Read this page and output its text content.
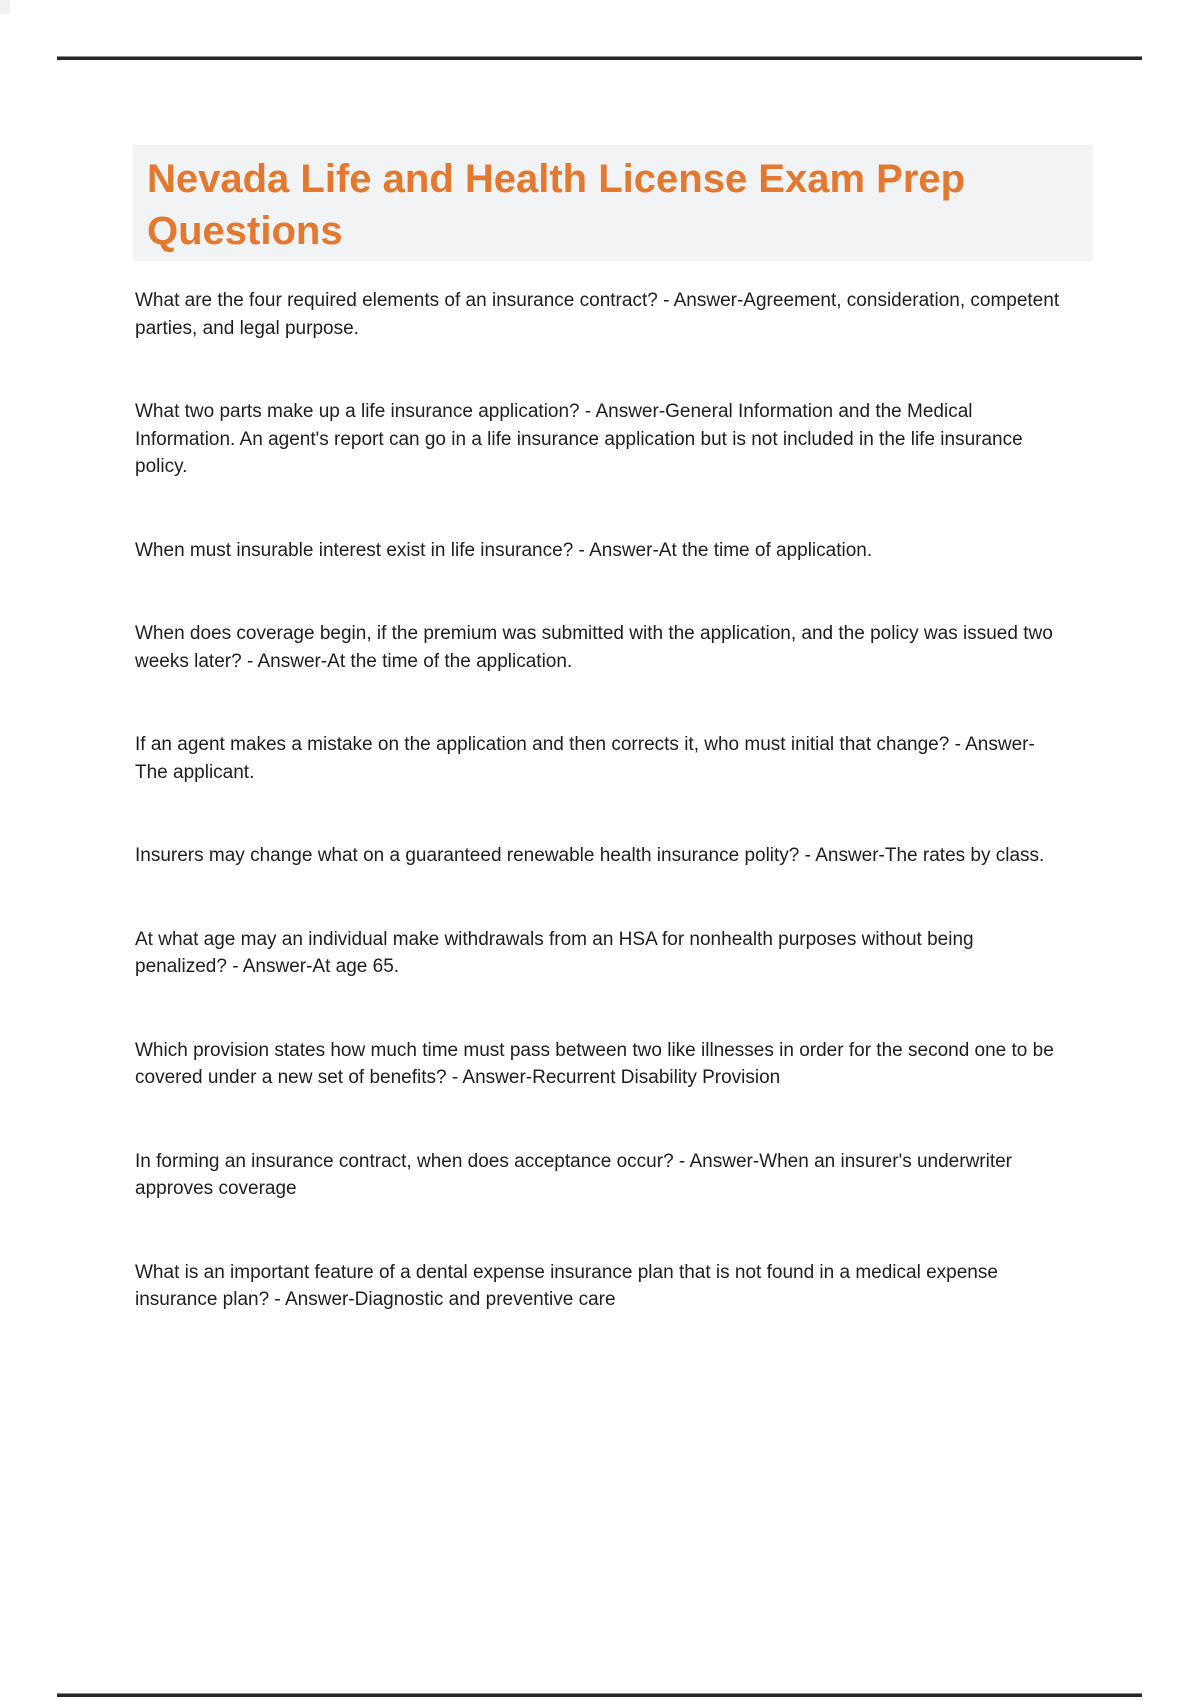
Nevada Life and Health License Exam Prep Questions

What are the four required elements of an insurance contract? - Answer-Agreement, consideration, competent parties, and legal purpose.

What two parts make up a life insurance application? - Answer-General Information and the Medical Information. An agent's report can go in a life insurance application but is not included in the life insurance policy.

When must insurable interest exist in life insurance? - Answer-At the time of application.

When does coverage begin, if the premium was submitted with the application, and the policy was issued two weeks later? - Answer-At the time of the application.

If an agent makes a mistake on the application and then corrects it, who must initial that change? - Answer-The applicant.

Insurers may change what on a guaranteed renewable health insurance polity? - Answer-The rates by class.

At what age may an individual make withdrawals from an HSA for nonhealth purposes without being penalized? - Answer-At age 65.

Which provision states how much time must pass between two like illnesses in order for the second one to be covered under a new set of benefits? - Answer-Recurrent Disability Provision

In forming an insurance contract, when does acceptance occur? - Answer-When an insurer's underwriter approves coverage

What is an important feature of a dental expense insurance plan that is not found in a medical expense insurance plan? - Answer-Diagnostic and preventive care
